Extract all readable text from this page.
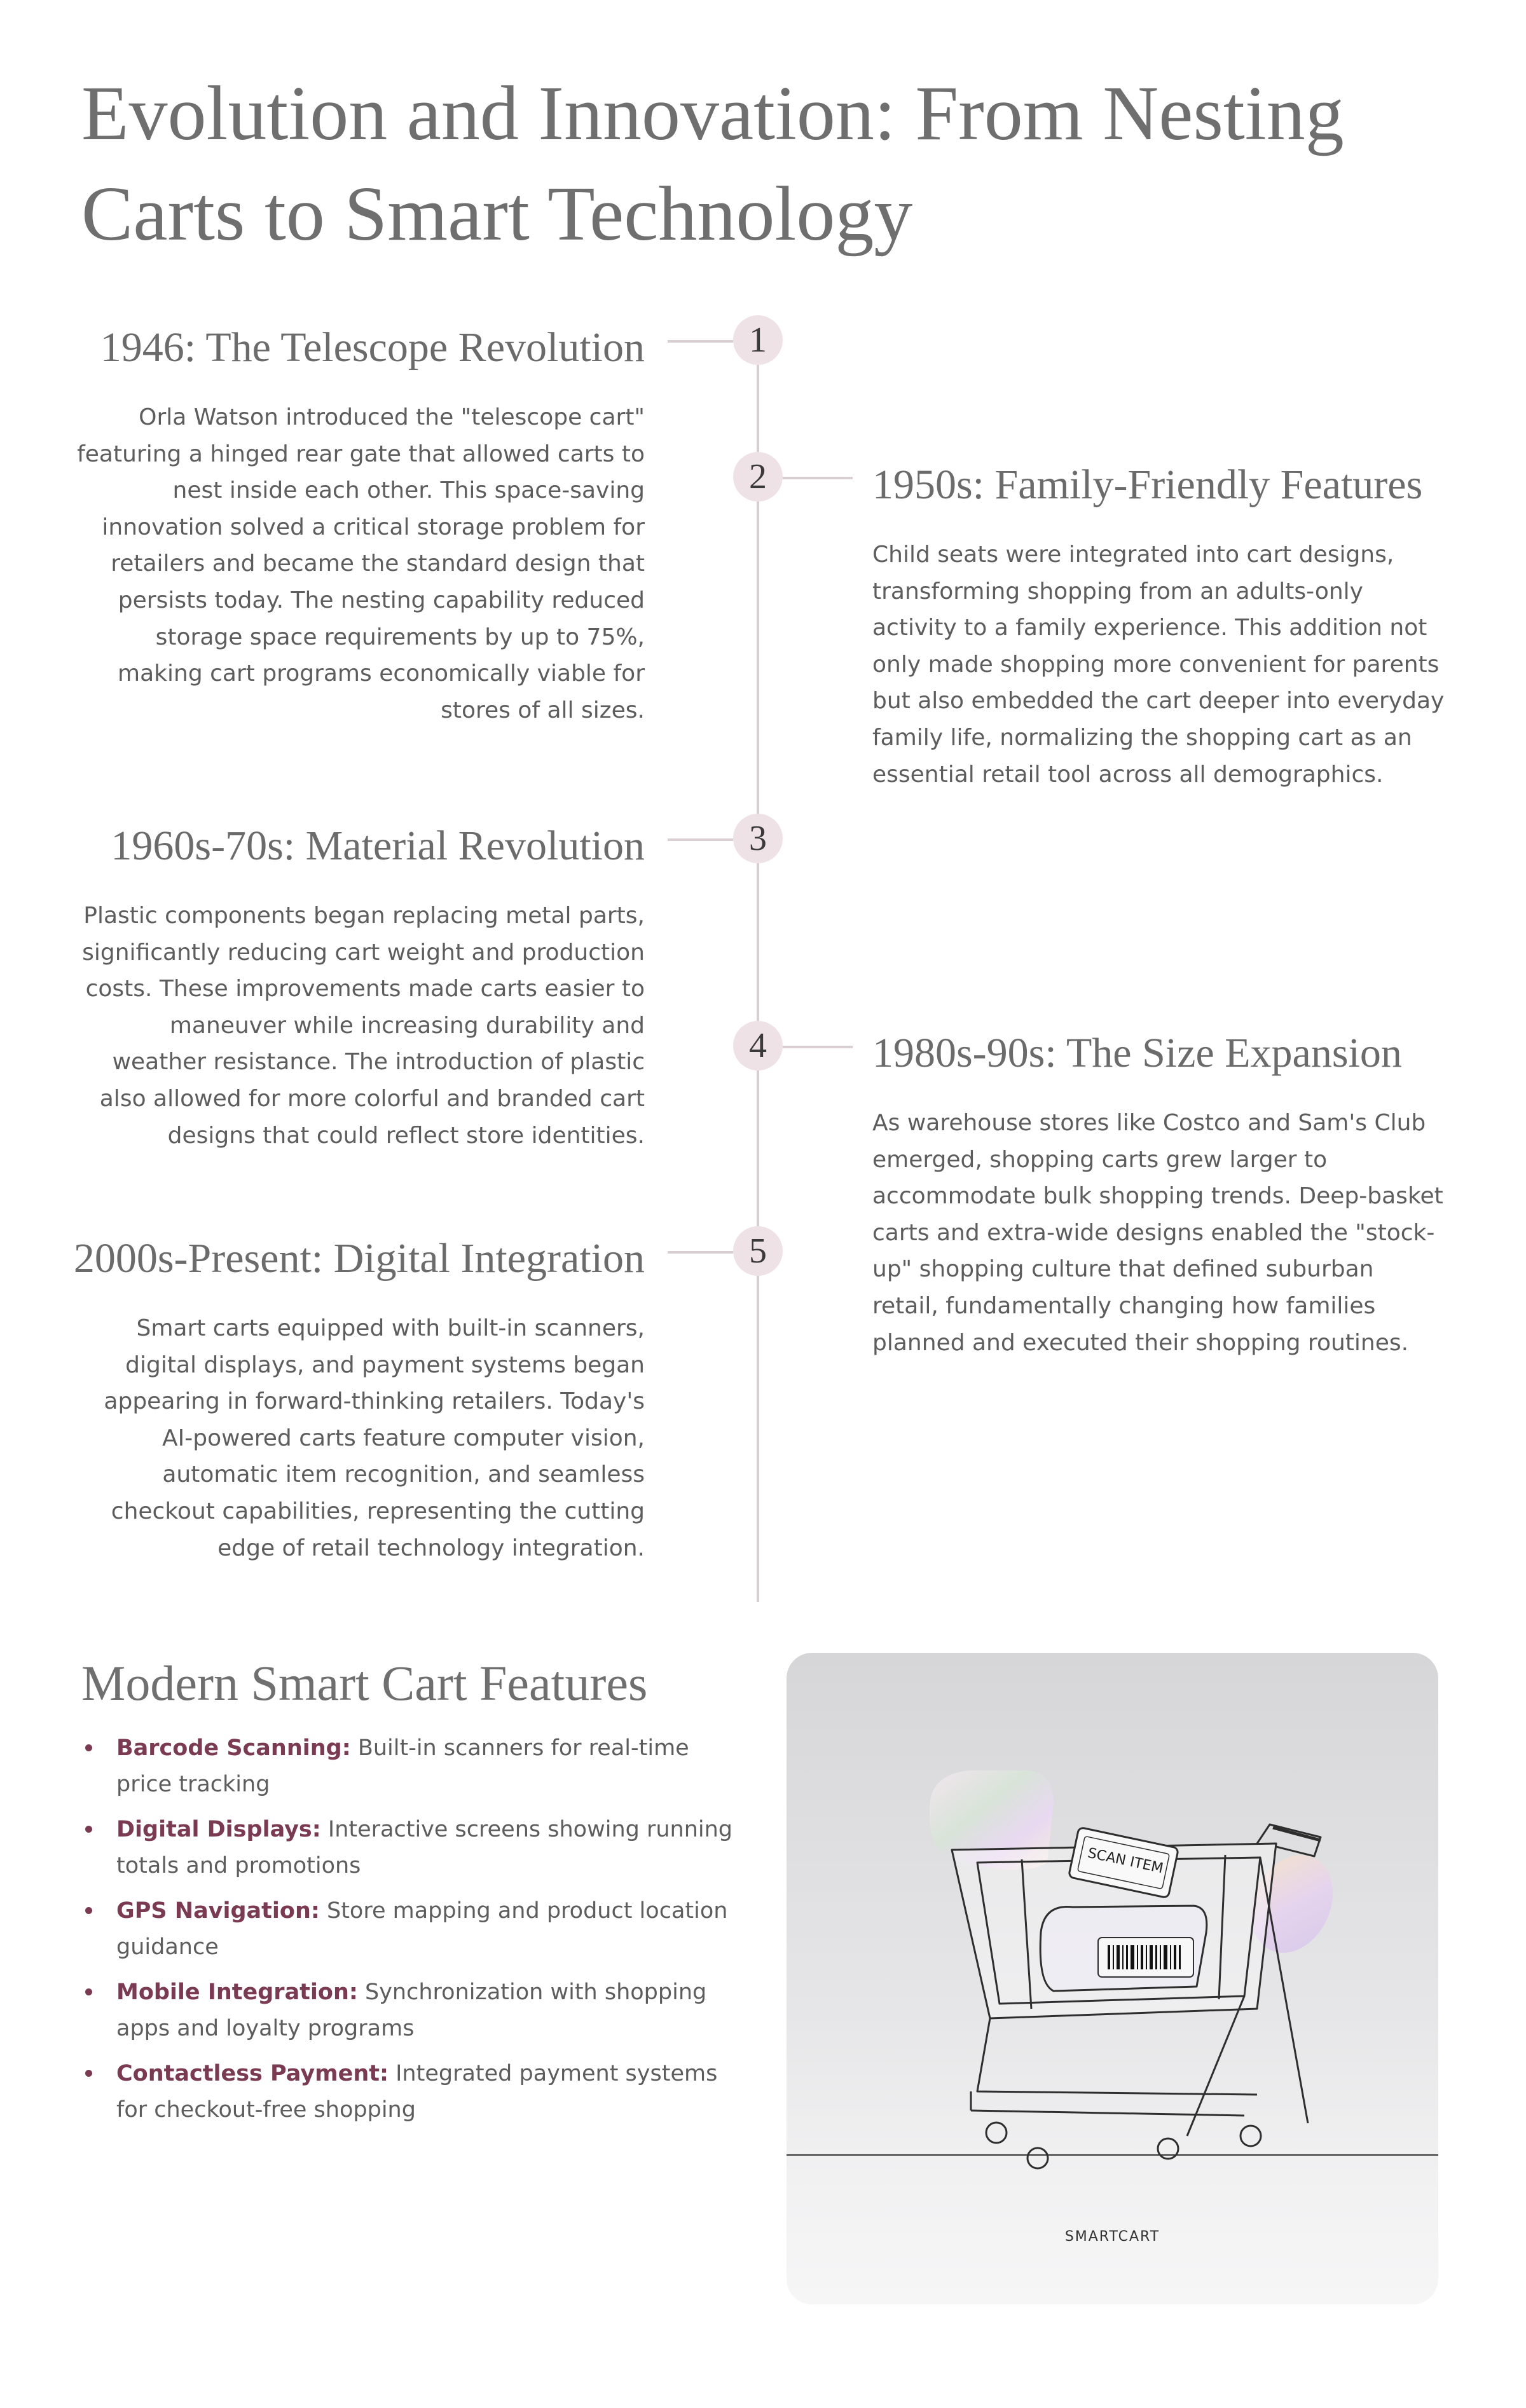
Evolution and Innovation: From Nesting Carts to Smart Technology
1
2
3
4
5
1946: The Telescope Revolution

Orla Watson introduced the "telescope cart" featuring a hinged rear gate that allowed carts to nest inside each other. This space-saving innovation solved a critical storage problem for retailers and became the standard design that persists today. The nesting capability reduced storage space requirements by up to 75%, making cart programs economically viable for stores of all sizes.

1950s: Family-Friendly Features

Child seats were integrated into cart designs, transforming shopping from an adults-only activity to a family experience. This addition not only made shopping more convenient for parents but also embedded the cart deeper into everyday family life, normalizing the shopping cart as an essential retail tool across all demographics.

1960s-70s: Material Revolution

Plastic components began replacing metal parts, significantly reducing cart weight and production costs. These improvements made carts easier to maneuver while increasing durability and weather resistance. The introduction of plastic also allowed for more colorful and branded cart designs that could reflect store identities.

1980s-90s: The Size Expansion

As warehouse stores like Costco and Sam's Club emerged, shopping carts grew larger to accommodate bulk shopping trends. Deep-basket carts and extra-wide designs enabled the "stock-up" shopping culture that defined suburban retail, fundamentally changing how families planned and executed their shopping routines.

2000s-Present: Digital Integration

Smart carts equipped with built-in scanners, digital displays, and payment systems began appearing in forward-thinking retailers. Today's AI-powered carts feature computer vision, automatic item recognition, and seamless checkout capabilities, representing the cutting edge of retail technology integration.

Modern Smart Cart Features
Barcode Scanning: Built-in scanners for real-time price tracking
Digital Displays: Interactive screens showing running totals and promotions
GPS Navigation: Store mapping and product location guidance
Mobile Integration: Synchronization with shopping apps and loyalty programs
Contactless Payment: Integrated payment systems for checkout-free shopping
SCAN ITEM
SMARTCART
